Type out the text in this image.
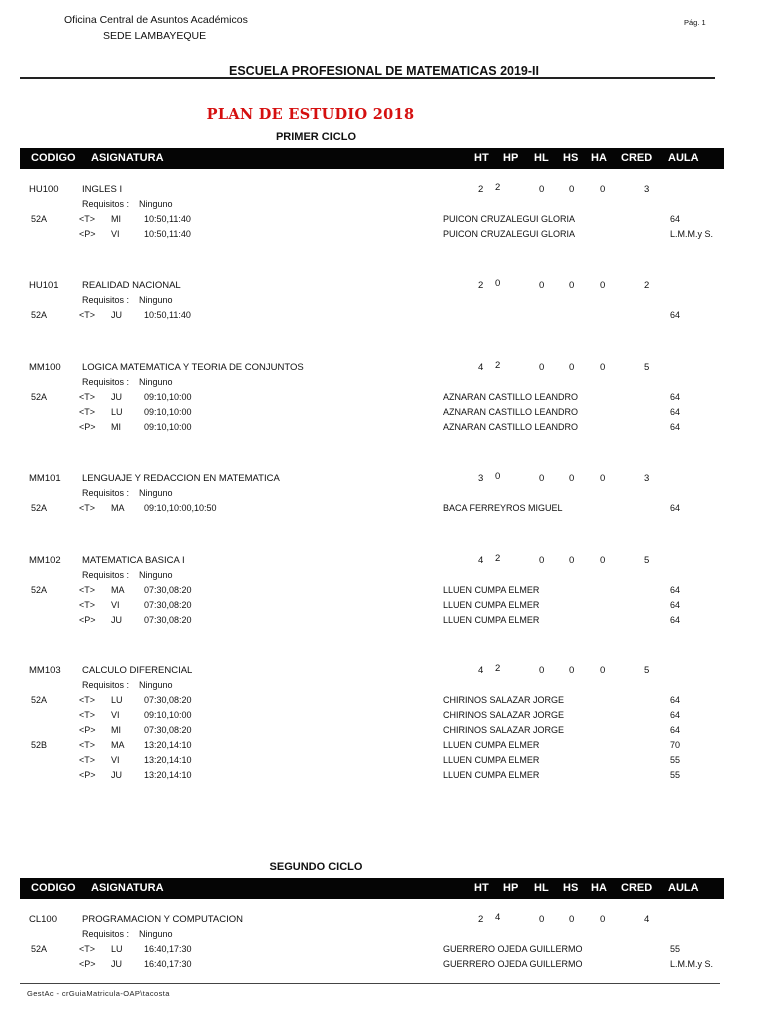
Oficina Central de Asuntos Académicos
SEDE LAMBAYEQUE
Pág. 1
ESCUELA PROFESIONAL DE MATEMATICAS 2019-II
PLAN DE ESTUDIO 2018
PRIMER CICLO
CODIGO ASIGNATURA	HT HP HL HS HA CRED AULA
HU100 INGLES I	2 2	0	0	0	3
Requisitos : Ninguno
52A	<T> MI	10:50,11:40	PUICON CRUZALEGUI GLORIA	64
<P> VI	10:50,11:40	PUICON CRUZALEGUI GLORIA	L.M.M.y S.
HU101 REALIDAD NACIONAL	2 0	0	0	0	2
Requisitos : Ninguno
52A	<T> JU 10:50,11:40	64
MM100 LOGICA MATEMATICA Y TEORIA DE CONJUNTOS	4 2	0	0	0	5
Requisitos : Ninguno
52A	<T> JU 09:10,10:00	AZNARAN CASTILLO LEANDRO	64
<T> LU 09:10,10:00	AZNARAN CASTILLO LEANDRO	64
<P> MI	09:10,10:00	AZNARAN CASTILLO LEANDRO	64
MM101 LENGUAJE Y REDACCION EN MATEMATICA	3 0	0	0	0	3
Requisitos : Ninguno
52A	<T> MA 09:10,10:00,10:50	BACA FERREYROS MIGUEL	64
MM102 MATEMATICA BASICA I	4 2	0	0	0	5
Requisitos : Ninguno
52A	<T> MA 07:30,08:20	LLUEN CUMPA ELMER	64
<T> VI	07:30,08:20	LLUEN CUMPA ELMER	64
<P> JU 07:30,08:20	LLUEN CUMPA ELMER	64
MM103 CALCULO DIFERENCIAL	4 2	0	0	0	5
Requisitos : Ninguno
52A	<T> LU 07:30,08:20	CHIRINOS SALAZAR JORGE	64
<T> VI	09:10,10:00	CHIRINOS SALAZAR JORGE	64
<P> MI	07:30,08:20	CHIRINOS SALAZAR JORGE	64
52B	<T> MA 13:20,14:10	LLUEN CUMPA ELMER	70
<T> VI	13:20,14:10	LLUEN CUMPA ELMER	55
<P> JU 13:20,14:10	LLUEN CUMPA ELMER	55
SEGUNDO CICLO
CODIGO ASIGNATURA	HT HP HL HS HA CRED AULA
CL100	PROGRAMACION Y COMPUTACION	2 4	0	0	0	4
Requisitos : Ninguno
52A	<T> LU 16:40,17:30	GUERRERO OJEDA GUILLERMO	55
<P> JU 16:40,17:30	GUERRERO OJEDA GUILLERMO	L.M.M.y S.
GestAc - crGuiaMatricula-OAP\tacosta
